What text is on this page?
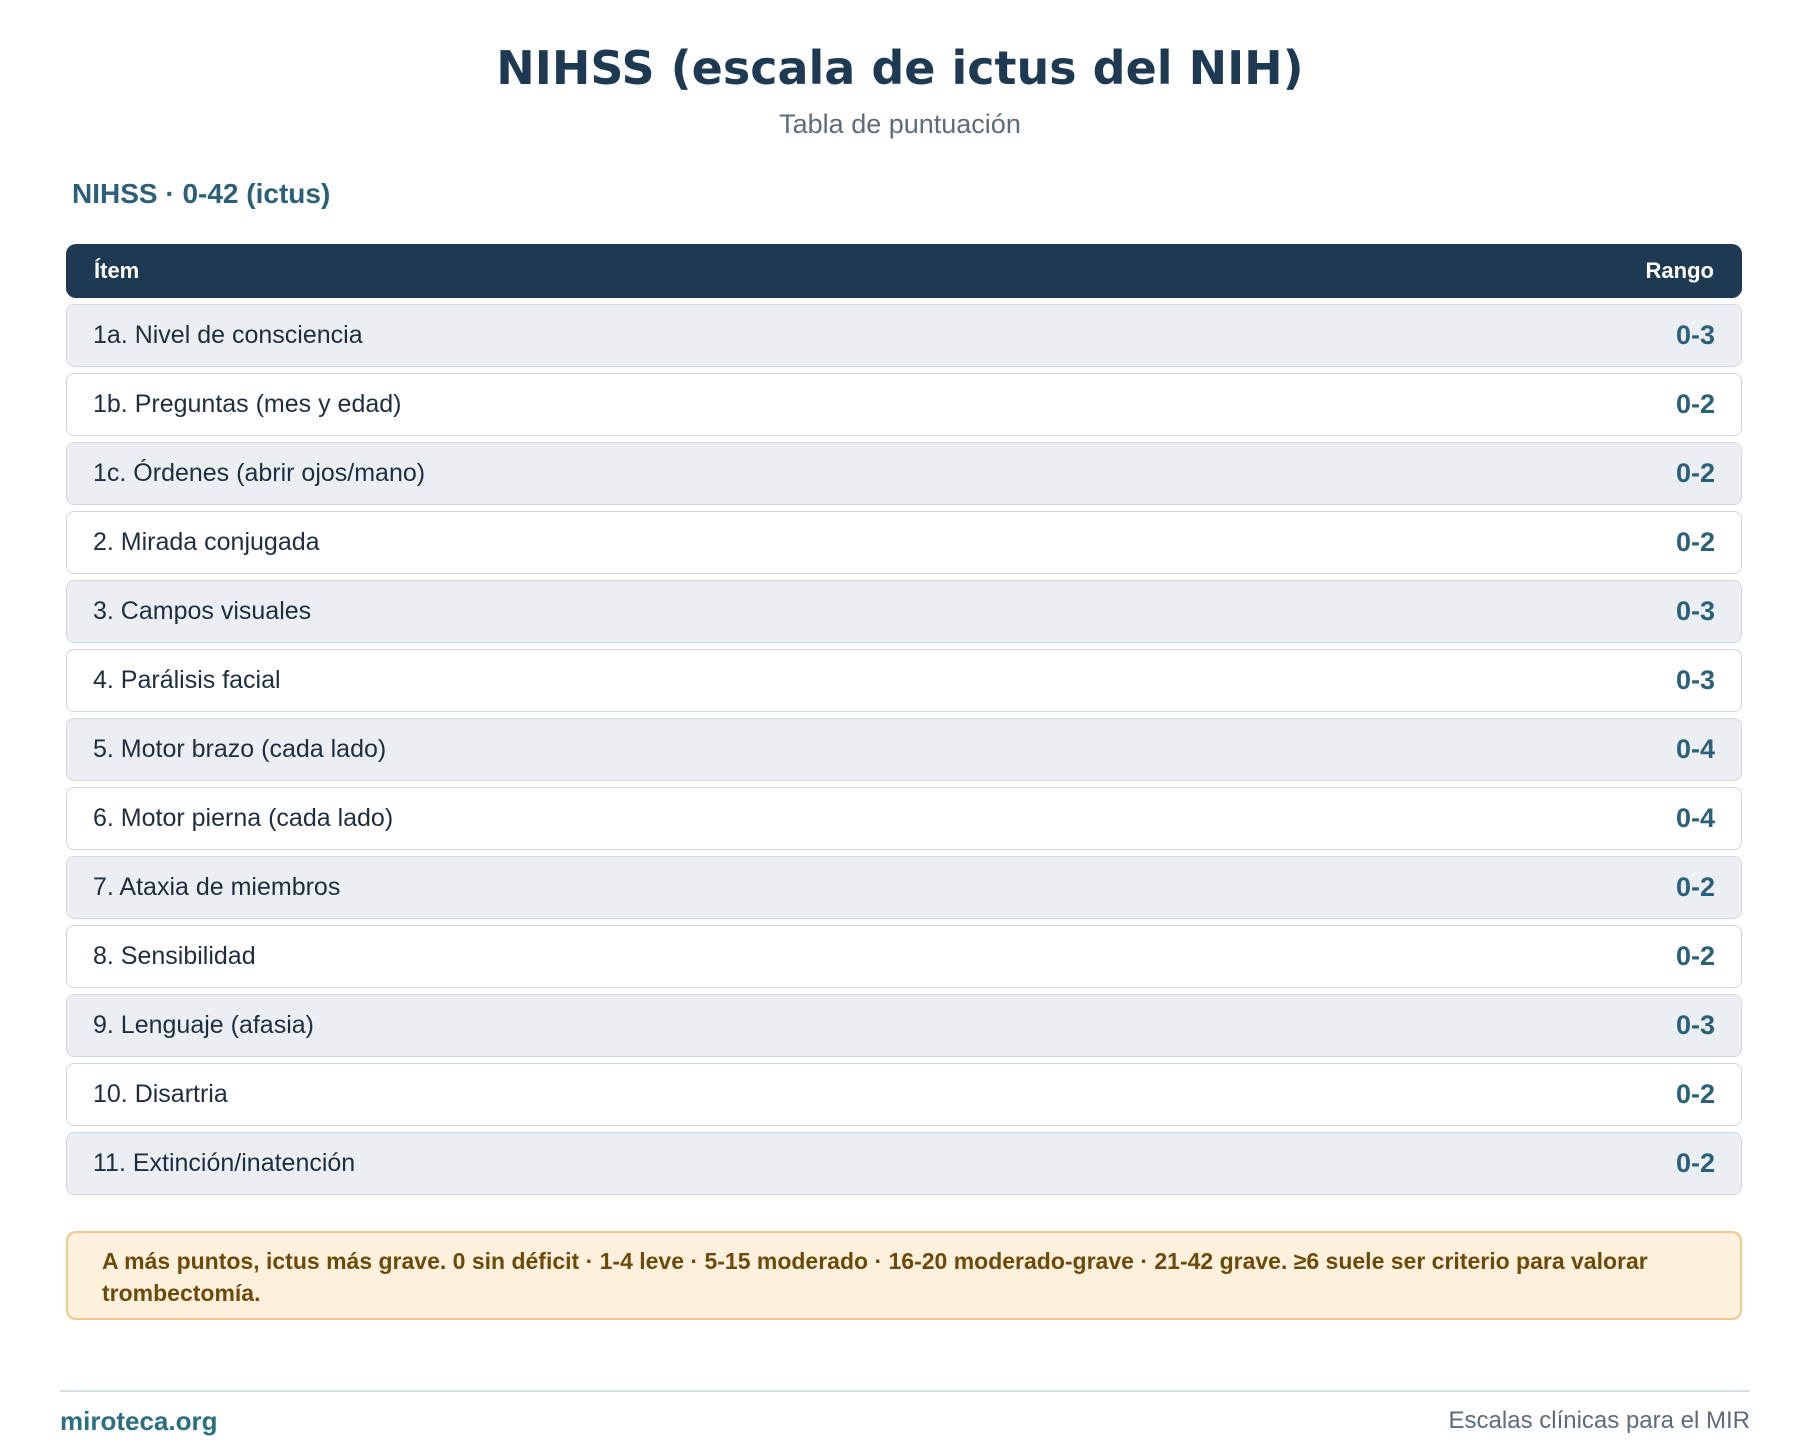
NIHSS (escala de ictus del NIH)
Tabla de puntuación
NIHSS · 0-42 (ictus)
Ítem	Rango
1a. Nivel de consciencia	0-3
1b. Preguntas (mes y edad)	0-2
1c. Órdenes (abrir ojos/mano)	0-2
2. Mirada conjugada	0-2
3. Campos visuales	0-3
4. Parálisis facial	0-3
5. Motor brazo (cada lado)	0-4
6. Motor pierna (cada lado)	0-4
7. Ataxia de miembros	0-2
8. Sensibilidad	0-2
9. Lenguaje (afasia)	0-3
10. Disartria	0-2
11. Extinción/inatención	0-2
A más puntos, ictus más grave. 0 sin déficit · 1-4 leve · 5-15 moderado · 16-20 moderado-grave · 21-42 grave. ≥6 suele ser criterio para valorar trombectomía.
miroteca.org	Escalas clínicas para el MIR
